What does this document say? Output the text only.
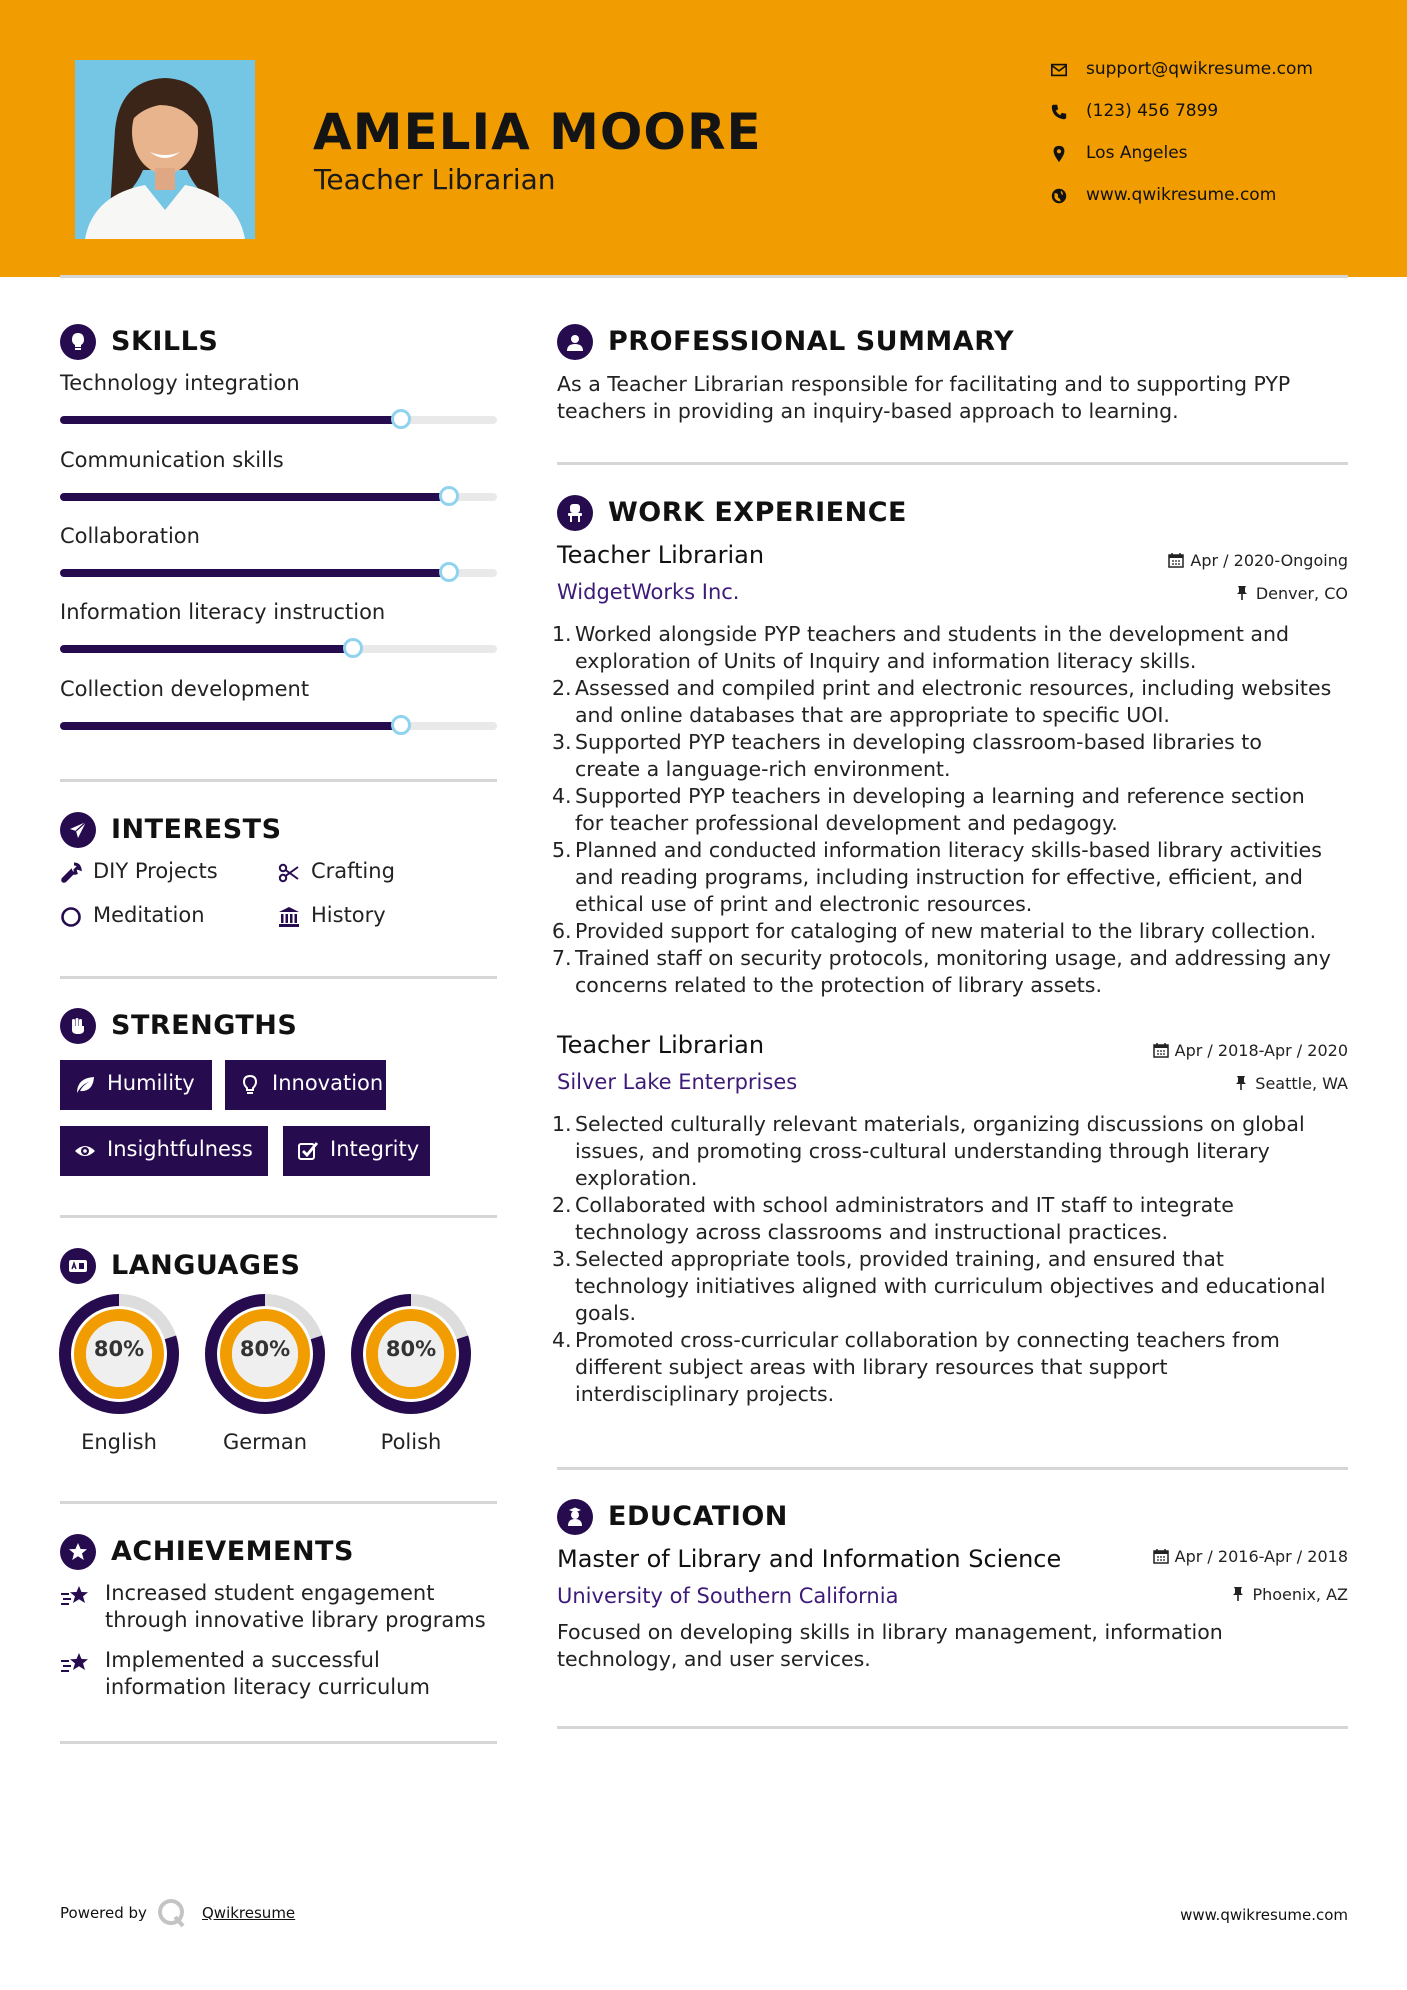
AMELIA MOORE
Teacher Librarian
support@qwikresume.com
(123) 456 7899
Los Angeles
www.qwikresume.com
SKILLS
Technology integration
Communication skills
Collaboration
Information literacy instruction
Collection development
INTERESTS
DIY Projects	Crafting
Meditation	History
STRENGTHS
Humility	Innovation
Insightfulness	Integrity
LANGUAGES
80%
English
80%
German
80%
Polish
ACHIEVEMENTS
Increased student engagement
through innovative library programs
Implemented a successful
information literacy curriculum
PROFESSIONAL SUMMARY
As a Teacher Librarian responsible for facilitating and to supporting PYP
teachers in providing an inquiry-based approach to learning.
WORK EXPERIENCE
Teacher Librarian	Apr / 2020-Ongoing
WidgetWorks Inc.	Denver, CO
1. Worked alongside PYP teachers and students in the development and
exploration of Units of Inquiry and information literacy skills.
2. Assessed and compiled print and electronic resources, including websites
and online databases that are appropriate to specific UOI.
3. Supported PYP teachers in developing classroom-based libraries to
create a language-rich environment.
4. Supported PYP teachers in developing a learning and reference section
for teacher professional development and pedagogy.
5. Planned and conducted information literacy skills-based library activities
and reading programs, including instruction for effective, efficient, and
ethical use of print and electronic resources.
6. Provided support for cataloging of new material to the library collection.
7. Trained staff on security protocols, monitoring usage, and addressing any
concerns related to the protection of library assets.
Teacher Librarian	Apr / 2018-Apr / 2020
Silver Lake Enterprises	Seattle, WA
1. Selected culturally relevant materials, organizing discussions on global
issues, and promoting cross-cultural understanding through literary
exploration.
2. Collaborated with school administrators and IT staff to integrate
technology across classrooms and instructional practices.
3. Selected appropriate tools, provided training, and ensured that
technology initiatives aligned with curriculum objectives and educational
goals.
4. Promoted cross-curricular collaboration by connecting teachers from
different subject areas with library resources that support
interdisciplinary projects.
EDUCATION
Master of Library and Information Science	Apr / 2016-Apr / 2018
University of Southern California	Phoenix, AZ
Focused on developing skills in library management, information
technology, and user services.
Powered by	Qwikresume	www.qwikresume.com
